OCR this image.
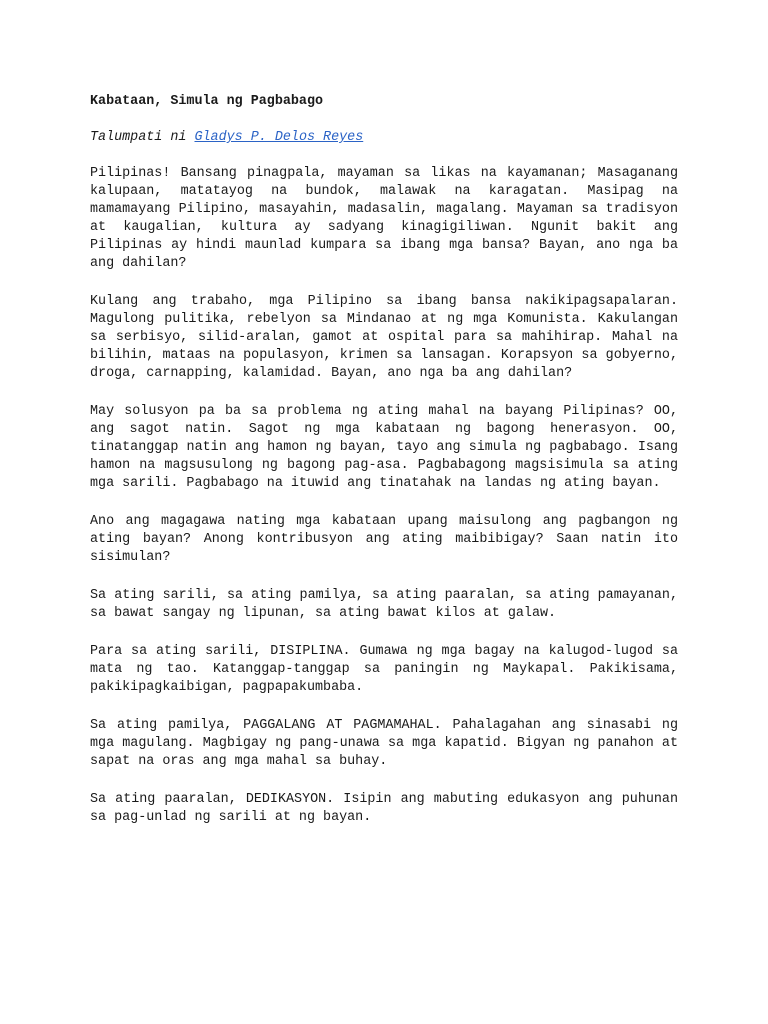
Kabataan, Simula ng Pagbabago

Talumpati ni Gladys P. Delos Reyes

Pilipinas! Bansang pinagpala, mayaman sa likas na kayamanan; Masaganang kalupaan, matatayog na bundok, malawak na karagatan. Masipag na mamamayang Pilipino, masayahin, madasalin, magalang. Mayaman sa tradisyon at kaugalian, kultura ay sadyang kinagigiliwan. Ngunit bakit ang Pilipinas ay hindi maunlad kumpara sa ibang mga bansa? Bayan, ano nga ba ang dahilan?

Kulang ang trabaho, mga Pilipino sa ibang bansa nakikipagsapalaran. Magulong pulitika, rebelyon sa Mindanao at ng mga Komunista. Kakulangan sa serbisyo, silid-aralan, gamot at ospital para sa mahihirap. Mahal na bilihin, mataas na populasyon, krimen sa lansagan. Korapsyon sa gobyerno, droga, carnapping, kalamidad. Bayan, ano nga ba ang dahilan?

May solusyon pa ba sa problema ng ating mahal na bayang Pilipinas? OO, ang sagot natin. Sagot ng mga kabataan ng bagong henerasyon. OO, tinatanggap natin ang hamon ng bayan, tayo ang simula ng pagbabago. Isang hamon na magsusulong ng bagong pag-asa. Pagbabagong magsisimula sa ating mga sarili. Pagbabago na ituwid ang tinatahak na landas ng ating bayan.

Ano ang magagawa nating mga kabataan upang maisulong ang pagbangon ng ating bayan? Anong kontribusyon ang ating maibibigay? Saan natin ito sisimulan?

Sa ating sarili, sa ating pamilya, sa ating paaralan, sa ating pamayanan, sa bawat sangay ng lipunan, sa ating bawat kilos at galaw.

Para sa ating sarili, DISIPLINA. Gumawa ng mga bagay na kalugod-lugod sa mata ng tao. Katanggap-tanggap sa paningin ng Maykapal. Pakikisama, pakikipagkaibigan, pagpapakumbaba.

Sa ating pamilya, PAGGALANG AT PAGMAMAHAL. Pahalagahan ang sinasabi ng mga magulang. Magbigay ng pang-unawa sa mga kapatid. Bigyan ng panahon at sapat na oras ang mga mahal sa buhay.

Sa ating paaralan, DEDIKASYON. Isipin ang mabuting edukasyon ang puhunan sa pag-unlad ng sarili at ng bayan.
